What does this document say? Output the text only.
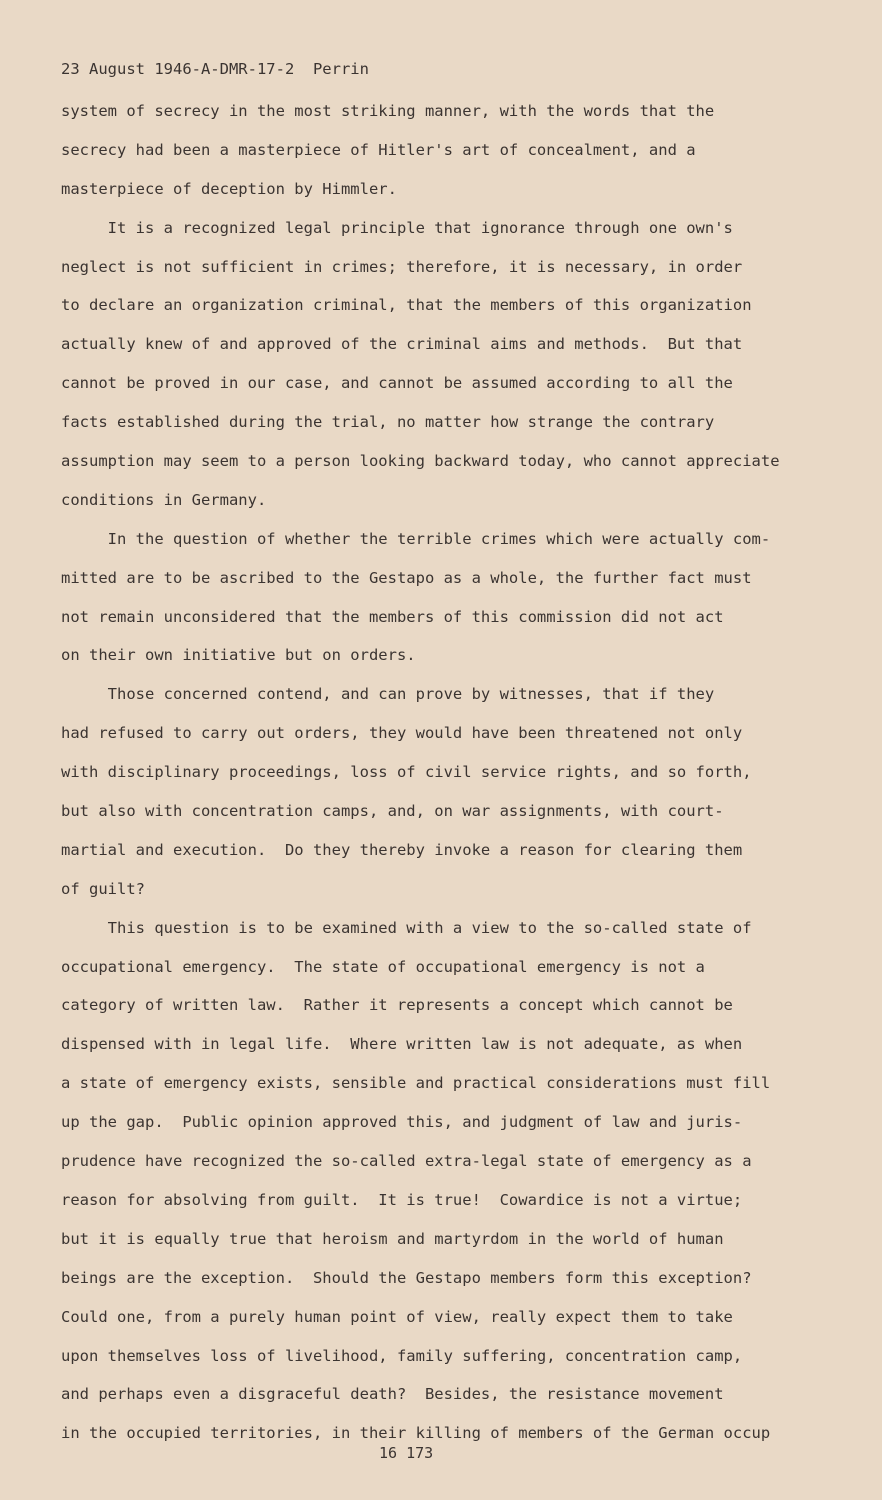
23 August 1946-A-DMR-17-2  Perrin
system of secrecy in the most striking manner, with the words that the
secrecy had been a masterpiece of Hitler's art of concealment, and a
masterpiece of deception by Himmler.
It is a recognized legal principle that ignorance through one own's
neglect is not sufficient in crimes; therefore, it is necessary, in order
to declare an organization criminal, that the members of this organization
actually knew of and approved of the criminal aims and methods.  But that
cannot be proved in our case, and cannot be assumed according to all the
facts established during the trial, no matter how strange the contrary
assumption may seem to a person looking backward today, who cannot appreciate
conditions in Germany.
In the question of whether the terrible crimes which were actually com-
mitted are to be ascribed to the Gestapo as a whole, the further fact must
not remain unconsidered that the members of this commission did not act
on their own initiative but on orders.
Those concerned contend, and can prove by witnesses, that if they
had refused to carry out orders, they would have been threatened not only
with disciplinary proceedings, loss of civil service rights, and so forth,
but also with concentration camps, and, on war assignments, with court-
martial and execution.  Do they thereby invoke a reason for clearing them
of guilt?
This question is to be examined with a view to the so-called state of
occupational emergency.  The state of occupational emergency is not a
category of written law.  Rather it represents a concept which cannot be
dispensed with in legal life.  Where written law is not adequate, as when
a state of emergency exists, sensible and practical considerations must fill
up the gap.  Public opinion approved this, and judgment of law and juris-
prudence have recognized the so-called extra-legal state of emergency as a
reason for absolving from guilt.  It is true!  Cowardice is not a virtue;
but it is equally true that heroism and martyrdom in the world of human
beings are the exception.  Should the Gestapo members form this exception?
Could one, from a purely human point of view, really expect them to take
upon themselves loss of livelihood, family suffering, concentration camp,
and perhaps even a disgraceful death?  Besides, the resistance movement
in the occupied territories, in their killing of members of the German occup
16 173
